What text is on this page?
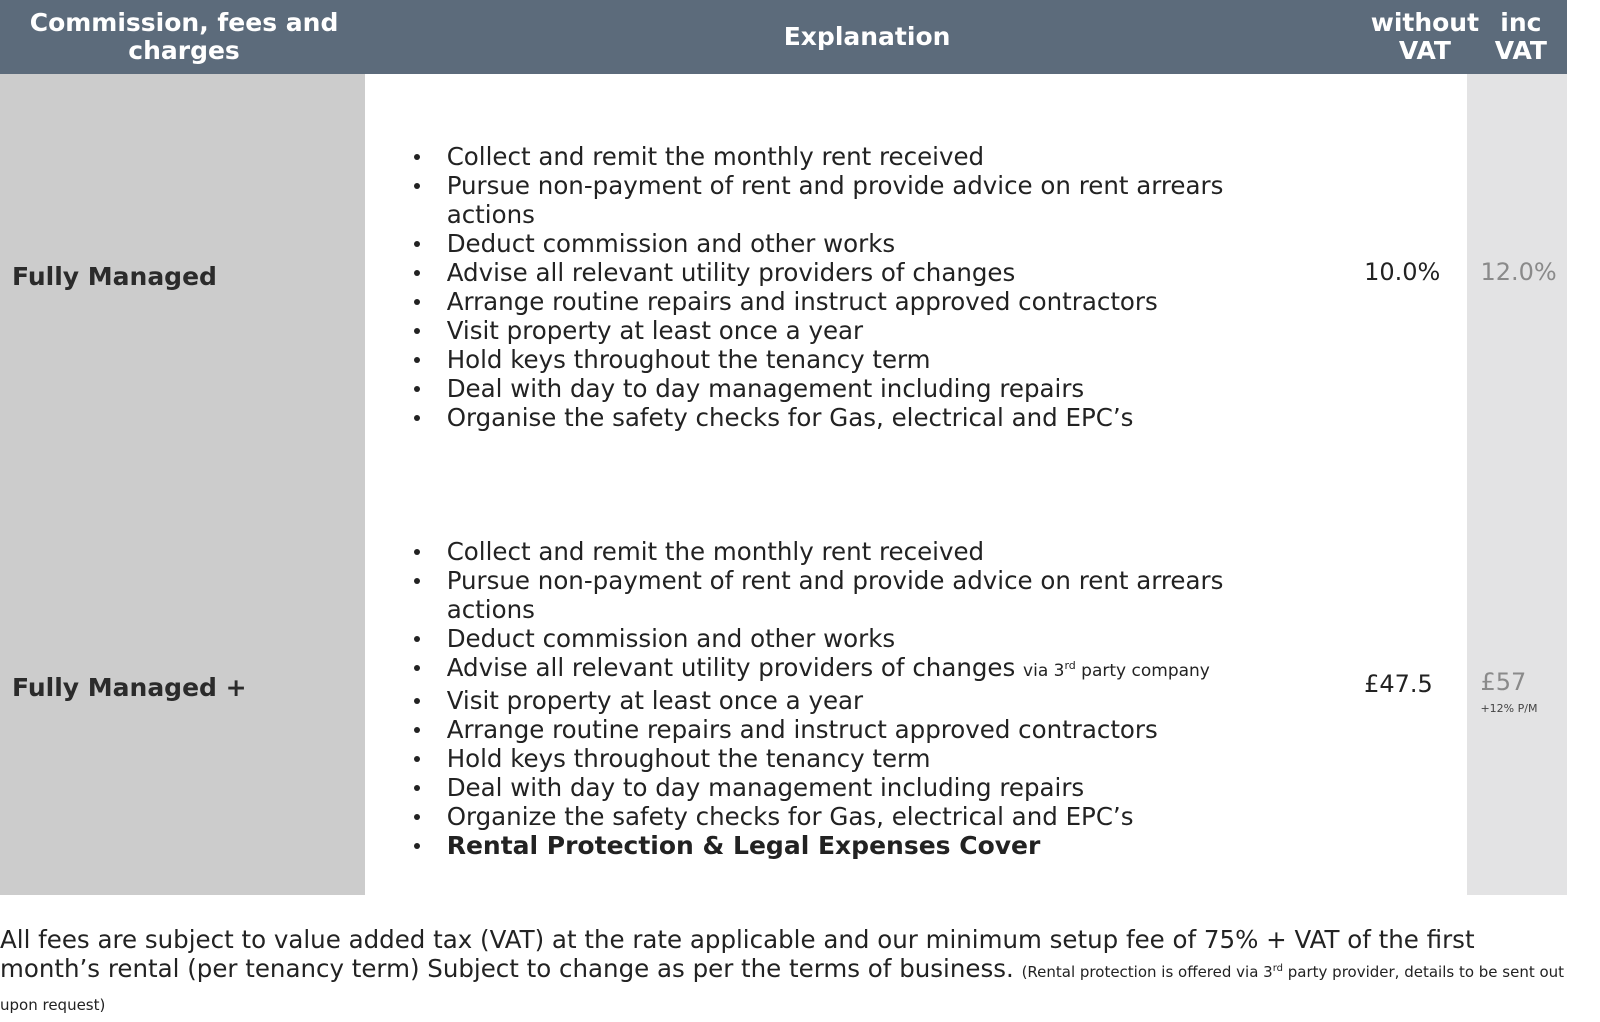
Commission, fees and charges	Explanation	without VAT
inc VAT
Fully Managed
Collect and remit the monthly rent received
Pursue non-payment of rent and provide advice on rent arrears actions
Deduct commission and other works
Advise all relevant utility providers of changes
Arrange routine repairs and instruct approved contractors
Visit property at least once a year
Hold keys throughout the tenancy term
Deal with day to day management including repairs
Organise the safety checks for Gas, electrical and EPC’s
10.0% 12.0%
Fully Managed +
Collect and remit the monthly rent received
Pursue non-payment of rent and provide advice on rent arrears actions
Deduct commission and other works
Advise all relevant utility providers of changes via 3rd party company
Visit property at least once a year
Arrange routine repairs and instruct approved contractors
Hold keys throughout the tenancy term
Deal with day to day management including repairs
Organize the safety checks for Gas, electrical and EPC’s
Rental Protection & Legal Expenses Cover
£47.5 £57
+12% P/M
All fees are subject to value added tax (VAT) at the rate applicable and our minimum setup fee of 75% + VAT of the first month’s rental (per tenancy term) Subject to change as per the terms of business. (Rental protection is offered via 3rd party provider, details to be sent out upon request)
